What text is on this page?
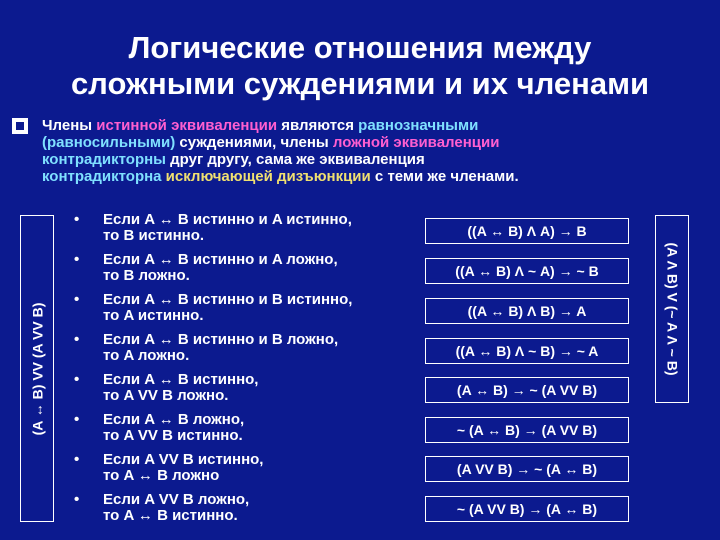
Логические отношения между
сложными суждениями и их членами
Члены истинной эквиваленции являются равнозначными
(равносильными) суждениями, члены ложной эквиваленции
контрадикторны друг другу, сама же эквиваленция
контрадикторна исключающей дизъюнкции с теми же членами.
(A ↔ B) VV (A VV B)
• Если A ↔ B истинно и A истинно,
то B истинно.
• Если A ↔ B истинно и A ложно,
то B ложно.
• Если A ↔ B истинно и B истинно,
то A истинно.
• Если A ↔ B истинно и B ложно,
то A ложно.
• Если A ↔ B истинно,
то A VV B ложно.
• Если A ↔ B ложно,
то A VV B истинно.
• Если A VV B истинно,
то A ↔ B ложно
• Если A VV B ложно,
то A ↔ B истинно.
((A ↔ B) Λ A) → B
((A ↔ B) Λ ~ A) → ~ B
((A ↔ B) Λ B) → A
((A ↔ B) Λ ~ B) → ~ A
(A ↔ B) → ~ (A VV B)
~ (A ↔ B) → (A VV B)
(A VV B) → ~ (A ↔ B)
~ (A VV B) → (A ↔ B)
(A Λ B) V (~ A Λ ~ B)
